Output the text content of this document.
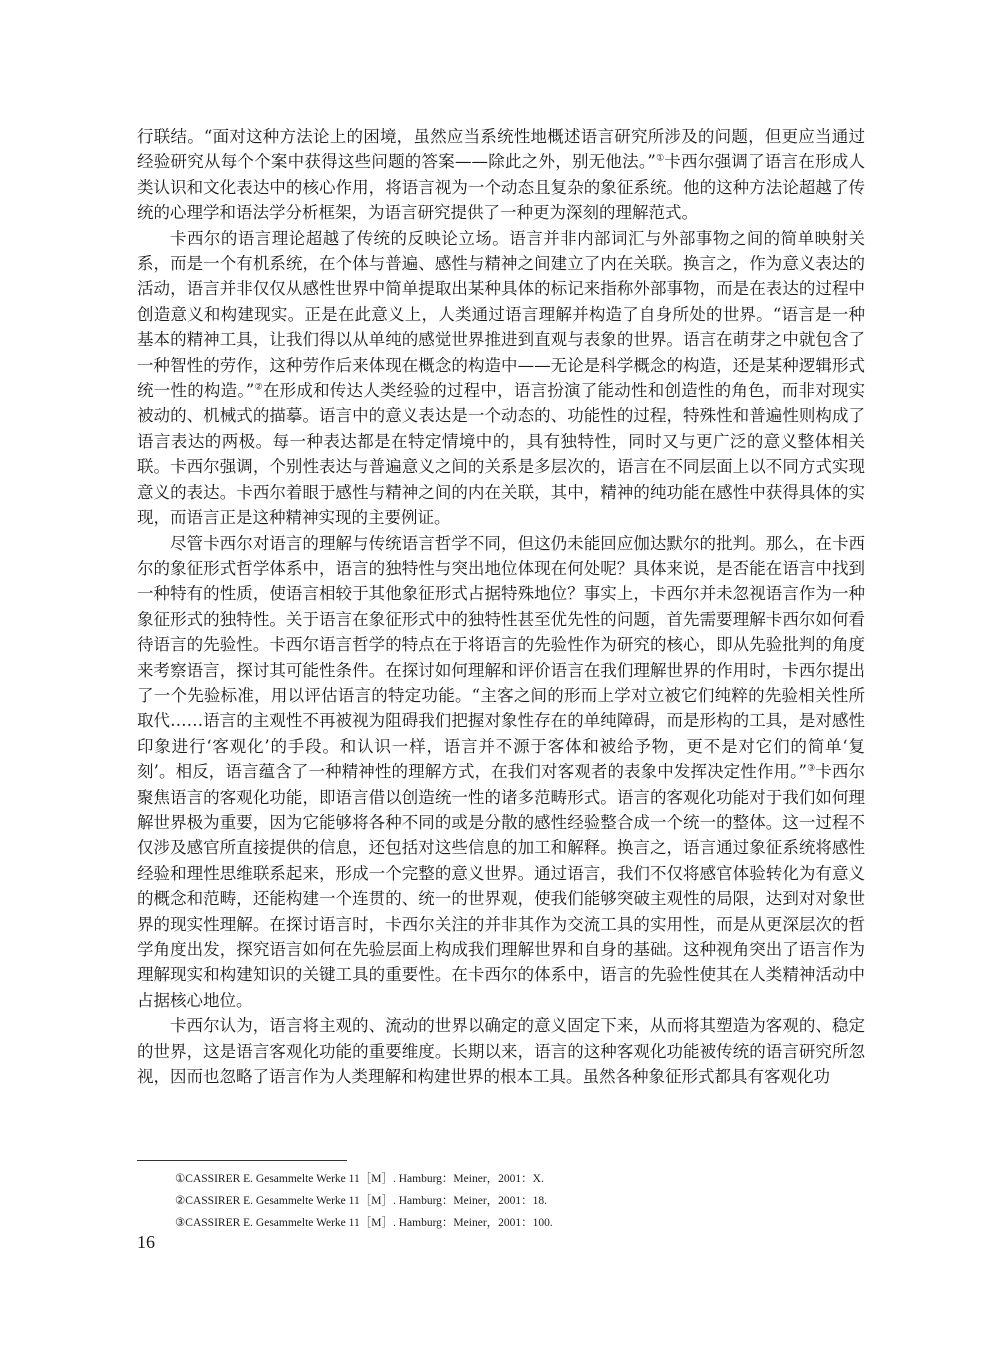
行联结。“面对这种方法论上的困境，虽然应当系统性地概述语言研究所涉及的问题，但更应当通过经验研究从每个个案中获得这些问题的答案——除此之外，别无他法。”①卡西尔强调了语言在形成人类认识和文化表达中的核心作用，将语言视为一个动态且复杂的象征系统。他的这种方法论超越了传统的心理学和语法学分析框架，为语言研究提供了一种更为深刻的理解范式。

卡西尔的语言理论超越了传统的反映论立场。语言并非内部词汇与外部事物之间的简单映射关系，而是一个有机系统，在个体与普遍、感性与精神之间建立了内在关联。换言之，作为意义表达的活动，语言并非仅仅从感性世界中简单提取出某种具体的标记来指称外部事物，而是在表达的过程中创造意义和构建现实。正是在此意义上，人类通过语言理解并构造了自身所处的世界。“语言是一种基本的精神工具，让我们得以从单纯的感觉世界推进到直观与表象的世界。语言在萌芽之中就包含了一种智性的劳作，这种劳作后来体现在概念的构造中——无论是科学概念的构造，还是某种逻辑形式统一性的构造。”②在形成和传达人类经验的过程中，语言扮演了能动性和创造性的角色，而非对现实被动的、机械式的描摹。语言中的意义表达是一个动态的、功能性的过程，特殊性和普遍性则构成了语言表达的两极。每一种表达都是在特定情境中的，具有独特性，同时又与更广泛的意义整体相关联。卡西尔强调，个别性表达与普遍意义之间的关系是多层次的，语言在不同层面上以不同方式实现意义的表达。卡西尔着眼于感性与精神之间的内在关联，其中，精神的纯功能在感性中获得具体的实现，而语言正是这种精神实现的主要例证。

尽管卡西尔对语言的理解与传统语言哲学不同，但这仍未能回应伽达默尔的批判。那么，在卡西尔的象征形式哲学体系中，语言的独特性与突出地位体现在何处呢？具体来说，是否能在语言中找到一种特有的性质，使语言相较于其他象征形式占据特殊地位？事实上，卡西尔并未忽视语言作为一种象征形式的独特性。关于语言在象征形式中的独特性甚至优先性的问题，首先需要理解卡西尔如何看待语言的先验性。卡西尔语言哲学的特点在于将语言的先验性作为研究的核心，即从先验批判的角度来考察语言，探讨其可能性条件。在探讨如何理解和评价语言在我们理解世界的作用时，卡西尔提出了一个先验标准，用以评估语言的特定功能。“主客之间的形而上学对立被它们纯粹的先验相关性所取代……语言的主观性不再被视为阻碍我们把握对象性存在的单纯障碍，而是形构的工具，是对感性印象进行‘客观化’的手段。和认识一样，语言并不源于客体和被给予物，更不是对它们的简单‘复刻’。相反，语言蕴含了一种精神性的理解方式，在我们对客观者的表象中发挥决定性作用。”③卡西尔聚焦语言的客观化功能，即语言借以创造统一性的诸多范畴形式。语言的客观化功能对于我们如何理解世界极为重要，因为它能够将各种不同的或是分散的感性经验整合成一个统一的整体。这一过程不仅涉及感官所直接提供的信息，还包括对这些信息的加工和解释。换言之，语言通过象征系统将感性经验和理性思维联系起来，形成一个完整的意义世界。通过语言，我们不仅将感官体验转化为有意义的概念和范畴，还能构建一个连贯的、统一的世界观，使我们能够突破主观性的局限，达到对对象世界的现实性理解。在探讨语言时，卡西尔关注的并非其作为交流工具的实用性，而是从更深层次的哲学角度出发，探究语言如何在先验层面上构成我们理解世界和自身的基础。这种视角突出了语言作为理解现实和构建知识的关键工具的重要性。在卡西尔的体系中，语言的先验性使其在人类精神活动中占据核心地位。

卡西尔认为，语言将主观的、流动的世界以确定的意义固定下来，从而将其塑造为客观的、稳定的世界，这是语言客观化功能的重要维度。长期以来，语言的这种客观化功能被传统的语言研究所忽视，因而也忽略了语言作为人类理解和构建世界的根本工具。虽然各种象征形式都具有客观化功

①CASSIRER E. Gesammelte Werke 11［M］. Hamburg：Meiner，2001：X.
②CASSIRER E. Gesammelte Werke 11［M］. Hamburg：Meiner，2001：18.
③CASSIRER E. Gesammelte Werke 11［M］. Hamburg：Meiner，2001：100.
16
